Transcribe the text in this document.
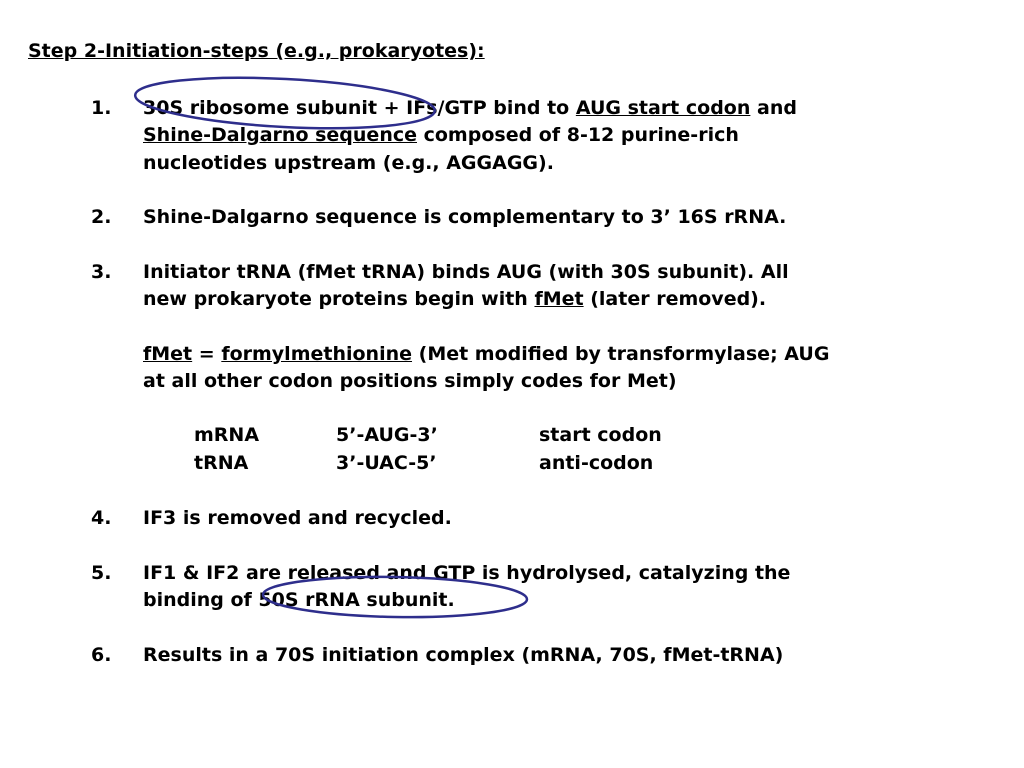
Step 2-Initiation-steps (e.g., prokaryotes):
1. 30S ribosome subunit + IFs/GTP bind to AUG start codon and
Shine-Dalgarno sequence composed of 8-12 purine-rich
nucleotides upstream (e.g., AGGAGG).
2. Shine-Dalgarno sequence is complementary to 3’ 16S rRNA.
3. Initiator tRNA (fMet tRNA) binds AUG (with 30S subunit). All
new prokaryote proteins begin with fMet (later removed).
fMet = formylmethionine (Met modified by transformylase; AUG
at all other codon positions simply codes for Met)
mRNA	5’-AUG-3’	start codon
tRNA	3’-UAC-5’	anti-codon
4. IF3 is removed and recycled.
5. IF1 & IF2 are released and GTP is hydrolysed, catalyzing the
binding of 50S rRNA subunit.
6. Results in a 70S initiation complex (mRNA, 70S, fMet-tRNA)
